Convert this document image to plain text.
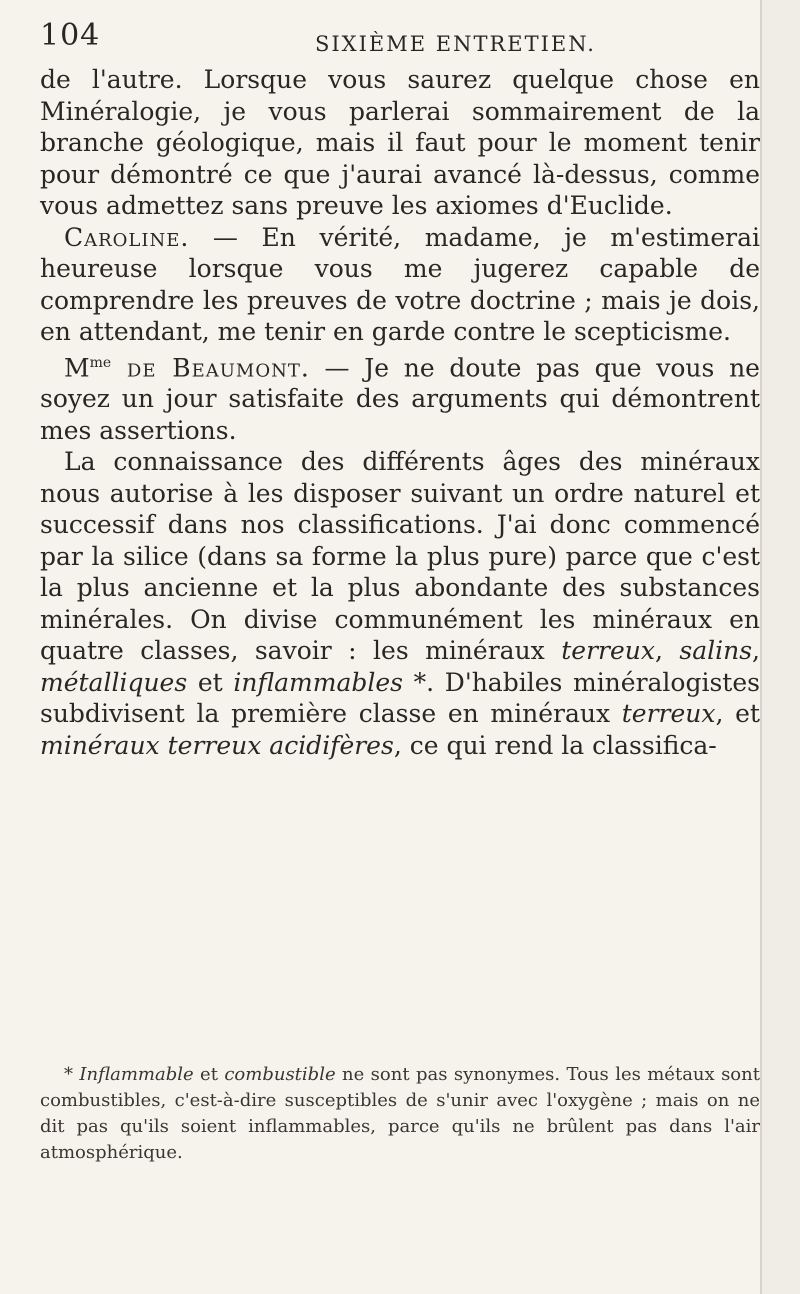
104	SIXIÈME ENTRETIEN.

de l'autre. Lorsque vous saurez quelque chose en Minéralogie, je vous parlerai sommairement de la branche géologique, mais il faut pour le moment tenir pour démontré ce que j'aurai avancé là-dessus, comme vous admettez sans preuve les axiomes d'Euclide.

Caroline. — En vérité, madame, je m'estimerai heureuse lorsque vous me jugerez capable de comprendre les preuves de votre doctrine ; mais je dois, en attendant, me tenir en garde contre le scepticisme.

$M^{me}$ de Beaumont. — Je ne doute pas que vous ne soyez un jour satisfaite des arguments qui démontrent mes assertions.

La connaissance des différents âges des minéraux nous autorise à les disposer suivant un ordre naturel et successif dans nos classifications. J'ai donc commencé par la silice (dans sa forme la plus pure) parce que c'est la plus ancienne et la plus abondante des substances minérales. On divise communément les minéraux en quatre classes, savoir : les minéraux terreux, salins, métalliques et inflammables *. D'habiles minéralogistes subdivisent la première classe en minéraux terreux, et minéraux terreux acidifères, ce qui rend la classifica-

* Inflammable et combustible ne sont pas synonymes. Tous les métaux sont combustibles, c'est-à-dire susceptibles de s'unir avec l'oxygène ; mais on ne dit pas qu'ils soient inflammables, parce qu'ils ne brûlent pas dans l'air atmosphérique.
